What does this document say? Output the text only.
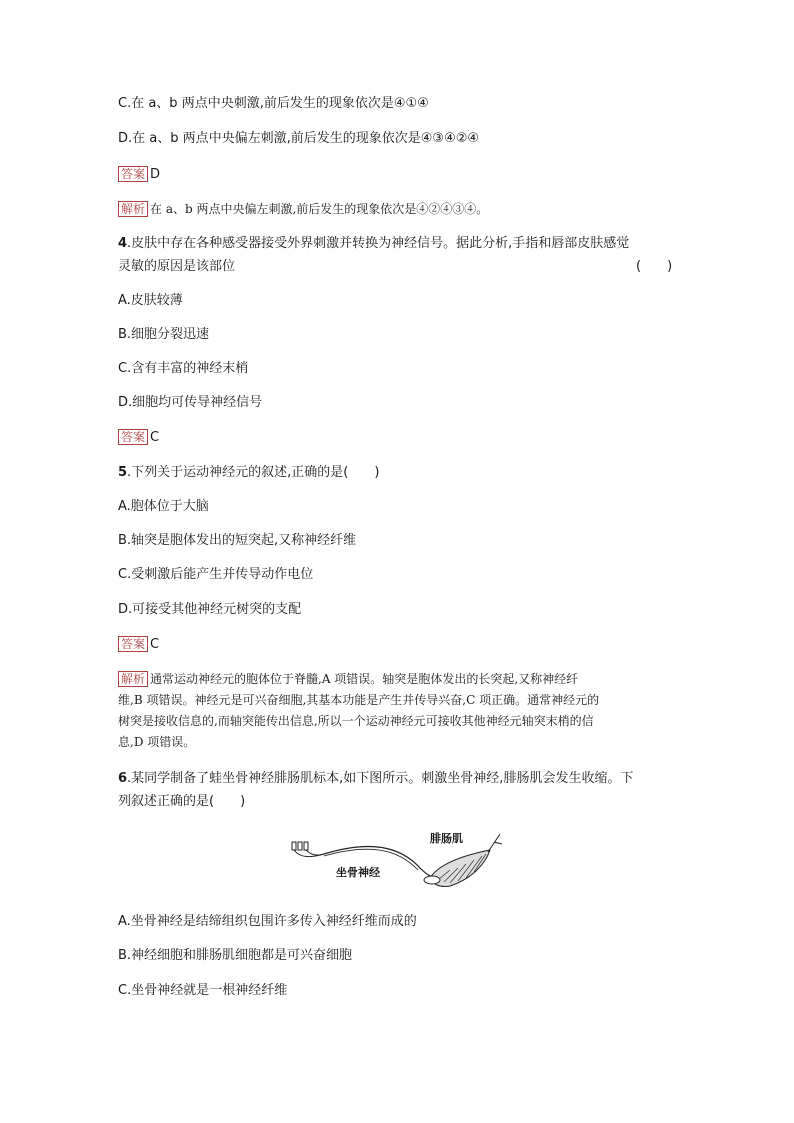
C.在 a、b 两点中央刺激,前后发生的现象依次是④①④
D.在 a、b 两点中央偏左刺激,前后发生的现象依次是④③④②④
答案 D
解析 在 a、b 两点中央偏左刺激,前后发生的现象依次是④②④③④。
4.皮肤中存在各种感受器接受外界刺激并转换为神经信号。据此分析,手指和唇部皮肤感觉
灵敏的原因是该部位	(　　)
A.皮肤较薄
B.细胞分裂迅速
C.含有丰富的神经末梢
D.细胞均可传导神经信号
答案 C
5.下列关于运动神经元的叙述,正确的是(　　)
A.胞体位于大脑
B.轴突是胞体发出的短突起,又称神经纤维
C.受刺激后能产生并传导动作电位
D.可接受其他神经元树突的支配
答案 C
解析 通常运动神经元的胞体位于脊髓,A 项错误。轴突是胞体发出的长突起,又称神经纤
维,B 项错误。神经元是可兴奋细胞,其基本功能是产生并传导兴奋,C 项正确。通常神经元的
树突是接收信息的,而轴突能传出信息,所以一个运动神经元可接收其他神经元轴突末梢的信
息,D 项错误。
6.某同学制备了蛙坐骨神经腓肠肌标本,如下图所示。刺激坐骨神经,腓肠肌会发生收缩。下
列叙述正确的是(　　)
腓肠肌
坐骨神经
A.坐骨神经是结缔组织包围许多传入神经纤维而成的
B.神经细胞和腓肠肌细胞都是可兴奋细胞
C.坐骨神经就是一根神经纤维
